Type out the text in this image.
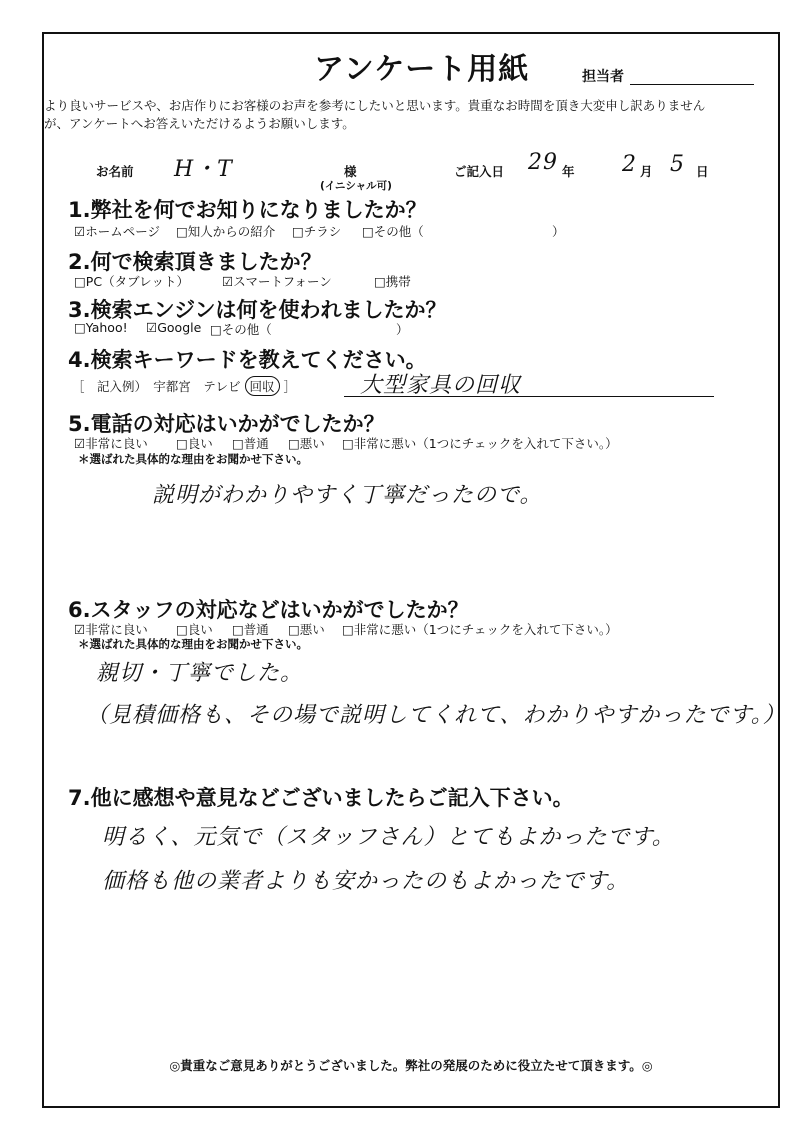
アンケート用紙	担当者
より良いサービスや、お店作りにお客様のお声を参考にしたいと思います。貴重なお時間を頂き大変申し訳ありません
が、アンケートへお答えいただけるようお願いします。
お名前 H・T	様
(イニシャル可)
ご記入日 29 年 2 月 5 日
1.弊社を何でお知りになりましたか？
☑ホームページ □知人からの紹介 □チラシ □その他（	）
2.何で検索頂きましたか？
□PC（タブレット）	☑スマートフォーン	□携帯
3.検索エンジンは何を使われましたか？
□Yahoo! ☑Google □その他（	）
4.検索キーワードを教えてください。
［　記入例）　宇都宮　テレビ 回収 ］	大型家具の回収
5.電話の対応はいかがでしたか？
☑非常に良い □良い □普通 □悪い □非常に悪い（1つにチェックを入れて下さい。）
＊選ばれた具体的な理由をお聞かせ下さい。
説明がわかりやすく丁寧だったので。
6.スタッフの対応などはいかがでしたか？
☑非常に良い □良い □普通 □悪い □非常に悪い（1つにチェックを入れて下さい。）
＊選ばれた具体的な理由をお聞かせ下さい。
親切・丁寧でした。
（見積価格も、その場で説明してくれて、わかりやすかったです。）
7.他に感想や意見などございましたらご記入下さい。
明るく、元気で（スタッフさん）とてもよかったです。
価格も他の業者よりも安かったのもよかったです。
◎貴重なご意見ありがとうございました。弊社の発展のために役立たせて頂きます。◎
